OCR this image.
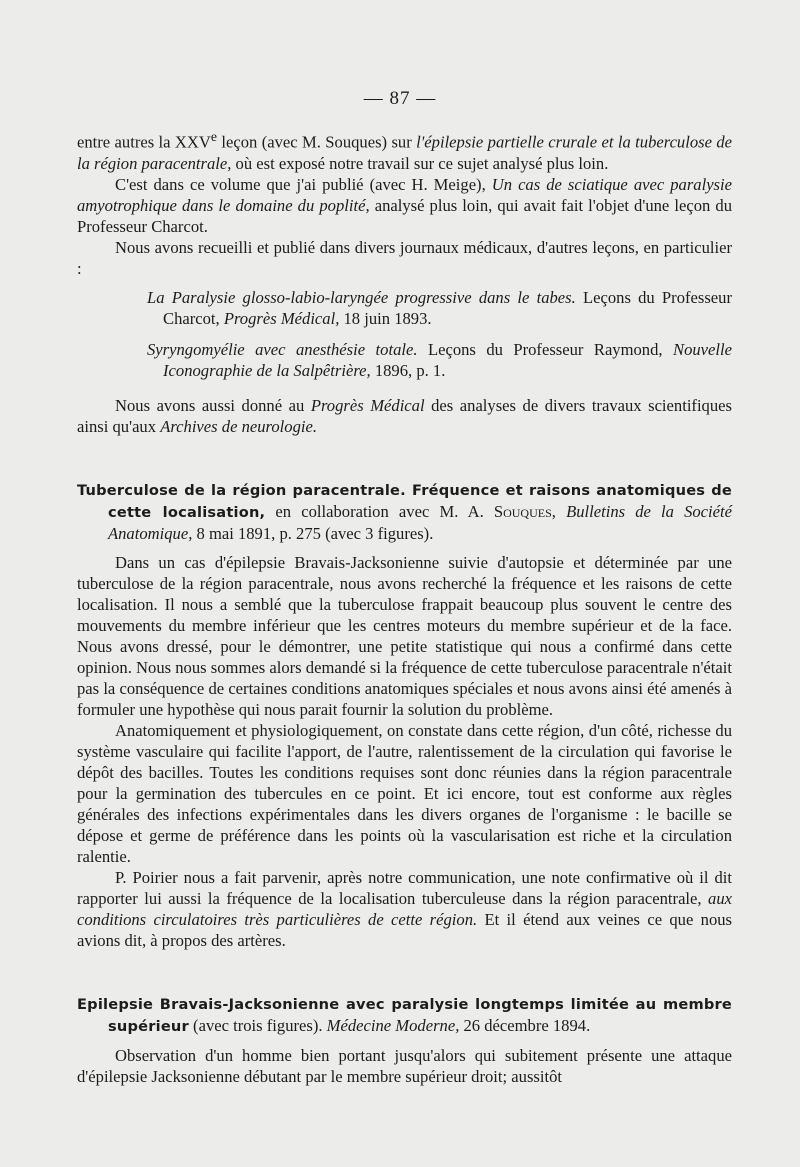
— 87 —

entre autres la XXVe leçon (avec M. Souques) sur l'épilepsie partielle crurale et la tuberculose de la région paracentrale, où est exposé notre travail sur ce sujet analysé plus loin.

C'est dans ce volume que j'ai publié (avec H. Meige), Un cas de sciatique avec paralysie amyotrophique dans le domaine du poplité, analysé plus loin, qui avait fait l'objet d'une leçon du Professeur Charcot.

Nous avons recueilli et publié dans divers journaux médicaux, d'autres leçons, en particulier :

La Paralysie glosso-labio-laryngée progressive dans le tabes. Leçons du Professeur Charcot, Progrès Médical, 18 juin 1893.

Syryngomyélie avec anesthésie totale. Leçons du Professeur Raymond, Nouvelle Iconographie de la Salpêtrière, 1896, p. 1.

Nous avons aussi donné au Progrès Médical des analyses de divers travaux scientifiques ainsi qu'aux Archives de neurologie.

Tuberculose de la région paracentrale. Fréquence et raisons anatomiques de cette localisation, en collaboration avec M. A. Souques, Bulletins de la Société Anatomique, 8 mai 1891, p. 275 (avec 3 figures).

Dans un cas d'épilepsie Bravais-Jacksonienne suivie d'autopsie et déterminée par une tuberculose de la région paracentrale, nous avons recherché la fréquence et les raisons de cette localisation. Il nous a semblé que la tuberculose frappait beaucoup plus souvent le centre des mouvements du membre inférieur que les centres moteurs du membre supérieur et de la face. Nous avons dressé, pour le démontrer, une petite statistique qui nous a confirmé dans cette opinion. Nous nous sommes alors demandé si la fréquence de cette tuberculose paracentrale n'était pas la conséquence de certaines conditions anatomiques spéciales et nous avons ainsi été amenés à formuler une hypothèse qui nous parait fournir la solution du problème.

Anatomiquement et physiologiquement, on constate dans cette région, d'un côté, richesse du système vasculaire qui facilite l'apport, de l'autre, ralentissement de la circulation qui favorise le dépôt des bacilles. Toutes les conditions requises sont donc réunies dans la région paracentrale pour la germination des tubercules en ce point. Et ici encore, tout est conforme aux règles générales des infections expérimentales dans les divers organes de l'organisme : le bacille se dépose et germe de préférence dans les points où la vascularisation est riche et la circulation ralentie.

P. Poirier nous a fait parvenir, après notre communication, une note confirmative où il dit rapporter lui aussi la fréquence de la localisation tuberculeuse dans la région paracentrale, aux conditions circulatoires très particulières de cette région. Et il étend aux veines ce que nous avions dit, à propos des artères.

Epilepsie Bravais-Jacksonienne avec paralysie longtemps limitée au membre supérieur (avec trois figures). Médecine Moderne, 26 décembre 1894.

Observation d'un homme bien portant jusqu'alors qui subitement présente une attaque d'épilepsie Jacksonienne débutant par le membre supérieur droit; aussitôt
